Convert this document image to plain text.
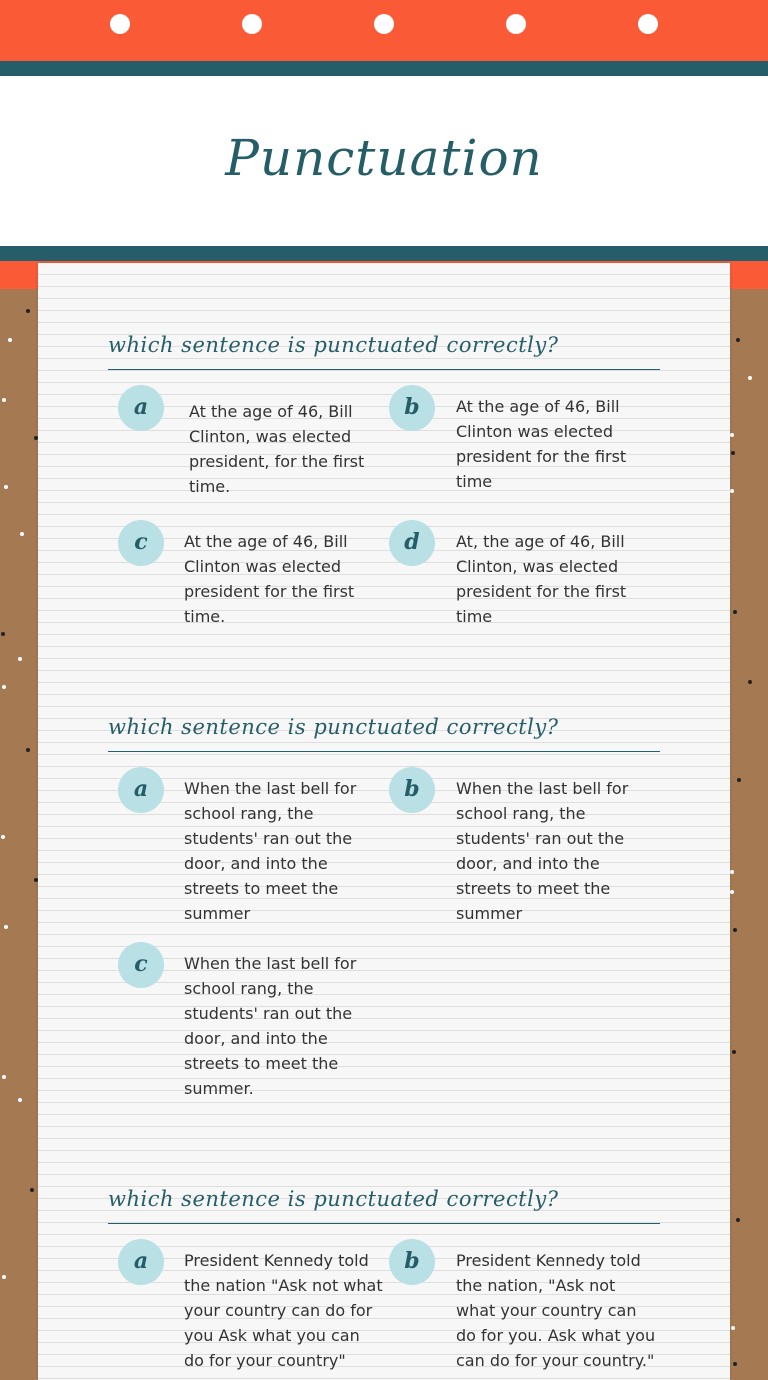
Punctuation
which sentence is punctuated correctly?
a	At the age of 46, Bill Clinton, was elected president, for the first time.
b	At the age of 46, Bill Clinton was elected president for the first time
c	At the age of 46, Bill Clinton was elected president for the first time.
d	At, the age of 46, Bill Clinton, was elected president for the first time
which sentence is punctuated correctly?
a	When the last bell for school rang, the students' ran out the door, and into the streets to meet the summer
b	When the last bell for school rang, the students' ran out the door, and into the streets to meet the summer
c	When the last bell for school rang, the students' ran out the door, and into the streets to meet the summer.
which sentence is punctuated correctly?
a	President Kennedy told the nation "Ask not what your country can do for you Ask what you can do for your country"
b	President Kennedy told the nation, "Ask not what your country can do for you. Ask what you can do for your country."
